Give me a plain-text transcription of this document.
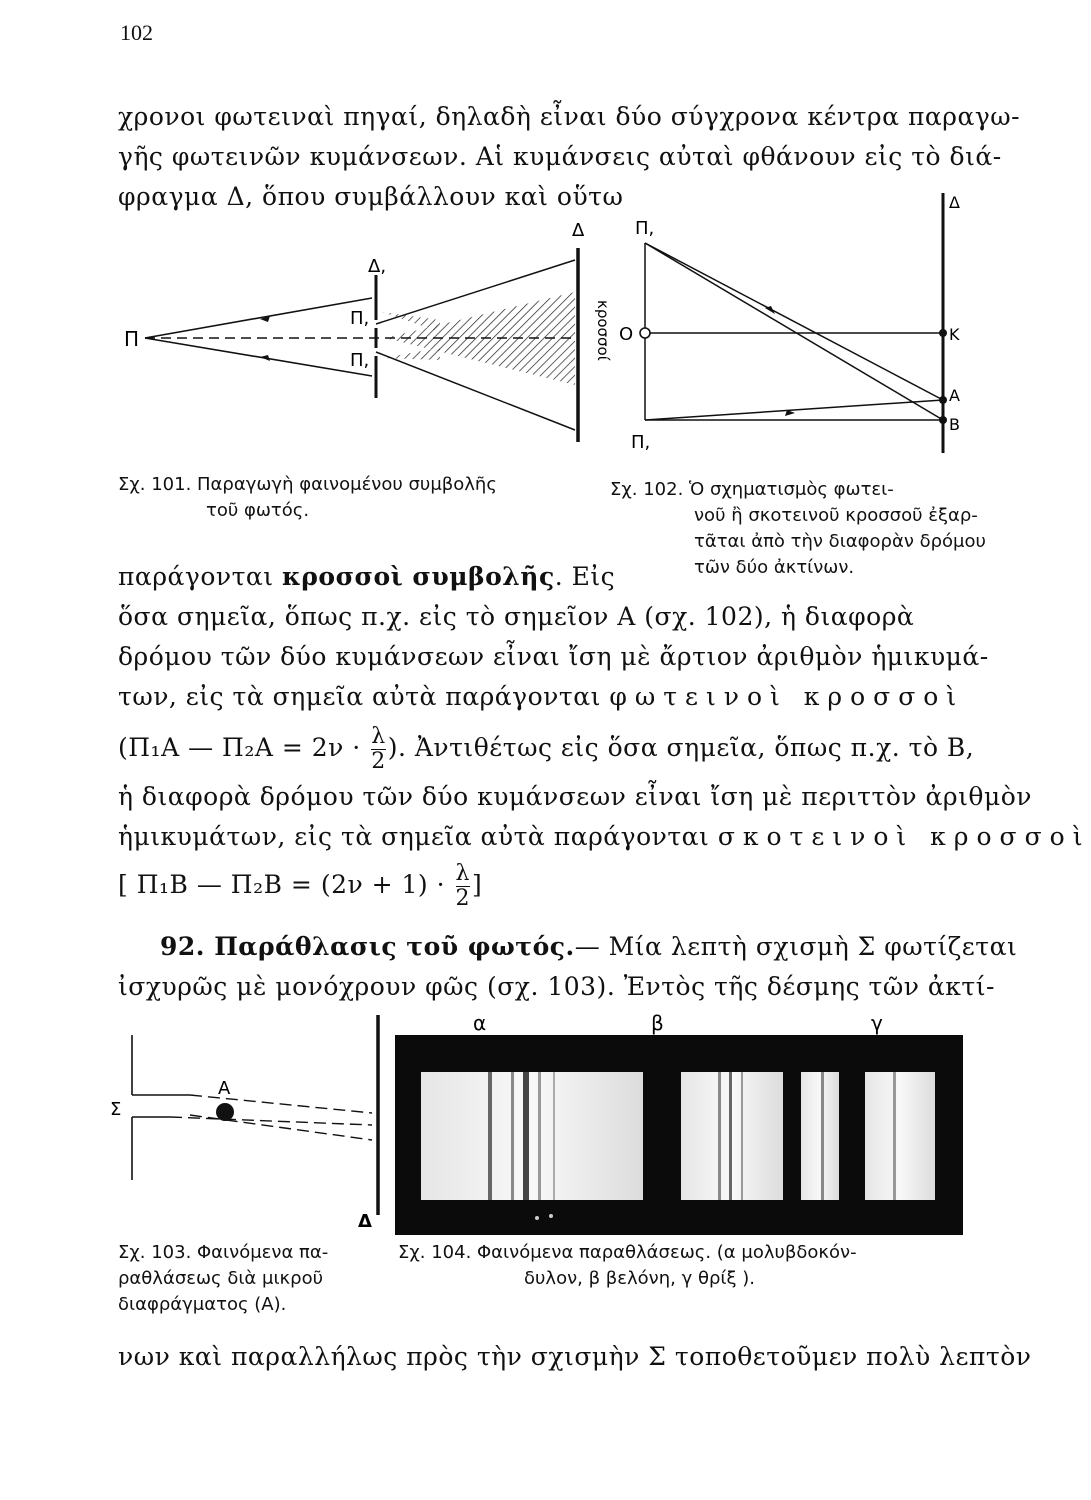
102
χρονοι φωτειναὶ πηγαί, δηλαδὴ εἶναι δύο σύγχρονα κέντρα παραγω-
γῆς φωτεινῶν κυμάνσεων. Αἱ κυμάνσεις αὐταὶ φθάνουν εἰς τὸ διά-
φραγμα Δ, ὅπου συμβάλλουν καὶ οὕτω
Π
Δ,
Π,
Π,
Δ
κροσσοί
Σχ. 101. Παραγωγὴ φαινομένου συμβολῆς
τοῦ φωτός.
Π,
Ο
Π,
Δ
Κ
Α
Β
Σχ. 102. Ὁ σχηματισμὸς φωτει-
νοῦ ἢ σκοτεινοῦ κροσσοῦ ἐξαρ-
τᾶται ἀπὸ τὴν διαφορὰν δρόμου
τῶν δύο ἀκτίνων.
παράγονται κροσσοὶ συμβολῆς. Εἰς
ὅσα σημεῖα, ὅπως π.χ. εἰς τὸ σημεῖον Α (σχ. 102), ἡ διαφορὰ
δρόμου τῶν δύο κυμάνσεων εἶναι ἴση μὲ ἄρτιον ἀριθμὸν ἡμικυμά-
των, εἰς τὰ σημεῖα αὐτὰ παράγονται φωτεινοὶ κροσσοὶ
(Π₁Α — $\Pi_2A = 2\nu \cdot \frac{\lambda}{2}$ ). Ἀντιθέτως εἰς ὅσα σημεῖα, ὅπως π.χ. τὸ Β,
ἡ διαφορὰ δρόμου τῶν δύο κυμάνσεων εἶναι ἴση μὲ περιττὸν ἀριθμὸν
ἡμικυμάτων, εἰς τὰ σημεῖα αὐτὰ παράγονται σκοτεινοὶ κροσσοὶ
[ Π₁Β — $\Pi_2B = (2\nu + 1) \cdot \frac{\lambda}{2}$ ]
92. Παράθλασις τοῦ φωτός.— Μία λεπτὴ σχισμὴ Σ φωτίζεται
ἰσχυρῶς μὲ μονόχρουν φῶς (σχ. 103). Ἐντὸς τῆς δέσμης τῶν ἀκτί-
Α
Σ
Δ
Σχ. 103. Φαινόμενα πα-
ραθλάσεως διὰ μικροῦ
διαφράγματος (Α).
α	β	γ
Σχ. 104. Φαινόμενα παραθλάσεως. (α μολυβδοκόν-
δυλον, β βελόνη, γ θρίξ ).
νων καὶ παραλλήλως πρὸς τὴν σχισμὴν Σ τοποθετοῦμεν πολὺ λεπτὸν
